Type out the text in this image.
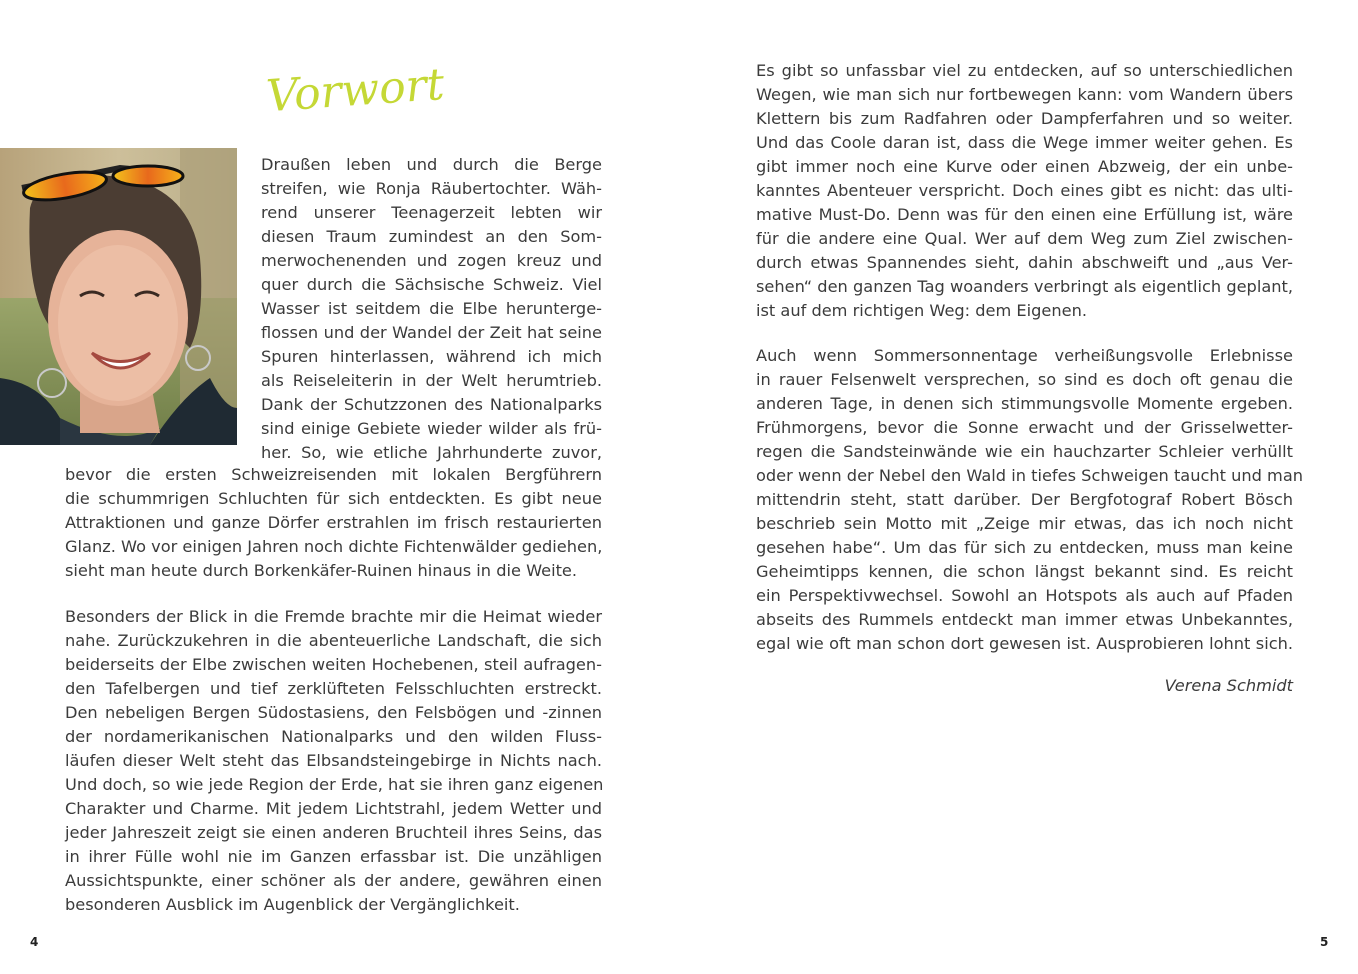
Vorwort
Draußen leben und durch die Berge
streifen, wie Ronja Räubertochter. Wäh-
rend unserer Teenagerzeit lebten wir
diesen Traum zumindest an den Som-
merwochenenden und zogen kreuz und
quer durch die Sächsische Schweiz. Viel
Wasser ist seitdem die Elbe herunterge-
flossen und der Wandel der Zeit hat seine
Spuren hinterlassen, während ich mich
als Reiseleiterin in der Welt herumtrieb.
Dank der Schutzzonen des Nationalparks
sind einige Gebiete wieder wilder als frü-
her. So, wie etliche Jahrhunderte zuvor,
bevor die ersten Schweizreisenden mit lokalen Bergführern
die schummrigen Schluchten für sich entdeckten. Es gibt neue
Attraktionen und ganze Dörfer erstrahlen im frisch restaurierten
Glanz. Wo vor einigen Jahren noch dichte Fichtenwälder gediehen,
sieht man heute durch Borkenkäfer-Ruinen hinaus in die Weite.
Besonders der Blick in die Fremde brachte mir die Heimat wieder
nahe. Zurückzukehren in die abenteuerliche Landschaft, die sich
beiderseits der Elbe zwischen weiten Hochebenen, steil aufragen-
den Tafelbergen und tief zerklüfteten Felsschluchten erstreckt.
Den nebeligen Bergen Südostasiens, den Felsbögen und -zinnen
der nordamerikanischen Nationalparks und den wilden Fluss-
läufen dieser Welt steht das Elbsandsteingebirge in Nichts nach.
Und doch, so wie jede Region der Erde, hat sie ihren ganz eigenen
Charakter und Charme. Mit jedem Lichtstrahl, jedem Wetter und
jeder Jahreszeit zeigt sie einen anderen Bruchteil ihres Seins, das
in ihrer Fülle wohl nie im Ganzen erfassbar ist. Die unzähligen
Aussichtspunkte, einer schöner als der andere, gewähren einen
besonderen Ausblick im Augenblick der Vergänglichkeit.
Es gibt so unfassbar viel zu entdecken, auf so unterschiedlichen
Wegen, wie man sich nur fortbewegen kann: vom Wandern übers
Klettern bis zum Radfahren oder Dampferfahren und so weiter.
Und das Coole daran ist, dass die Wege immer weiter gehen. Es
gibt immer noch eine Kurve oder einen Abzweig, der ein unbe-
kanntes Abenteuer verspricht. Doch eines gibt es nicht: das ulti-
mative Must-Do. Denn was für den einen eine Erfüllung ist, wäre
für die andere eine Qual. Wer auf dem Weg zum Ziel zwischen-
durch etwas Spannendes sieht, dahin abschweift und „aus Ver-
sehen“ den ganzen Tag woanders verbringt als eigentlich geplant,
ist auf dem richtigen Weg: dem Eigenen.
Auch wenn Sommersonnentage verheißungsvolle Erlebnisse
in rauer Felsenwelt versprechen, so sind es doch oft genau die
anderen Tage, in denen sich stimmungsvolle Momente ergeben.
Frühmorgens, bevor die Sonne erwacht und der Grisselwetter-
regen die Sandsteinwände wie ein hauchzarter Schleier verhüllt
oder wenn der Nebel den Wald in tiefes Schweigen taucht und man
mittendrin steht, statt darüber. Der Bergfotograf Robert Bösch
beschrieb sein Motto mit „Zeige mir etwas, das ich noch nicht
gesehen habe“. Um das für sich zu entdecken, muss man keine
Geheimtipps kennen, die schon längst bekannt sind. Es reicht
ein Perspektivwechsel. Sowohl an Hotspots als auch auf Pfaden
abseits des Rummels entdeckt man immer etwas Unbekanntes,
egal wie oft man schon dort gewesen ist. Ausprobieren lohnt sich.
Verena Schmidt
4	5
